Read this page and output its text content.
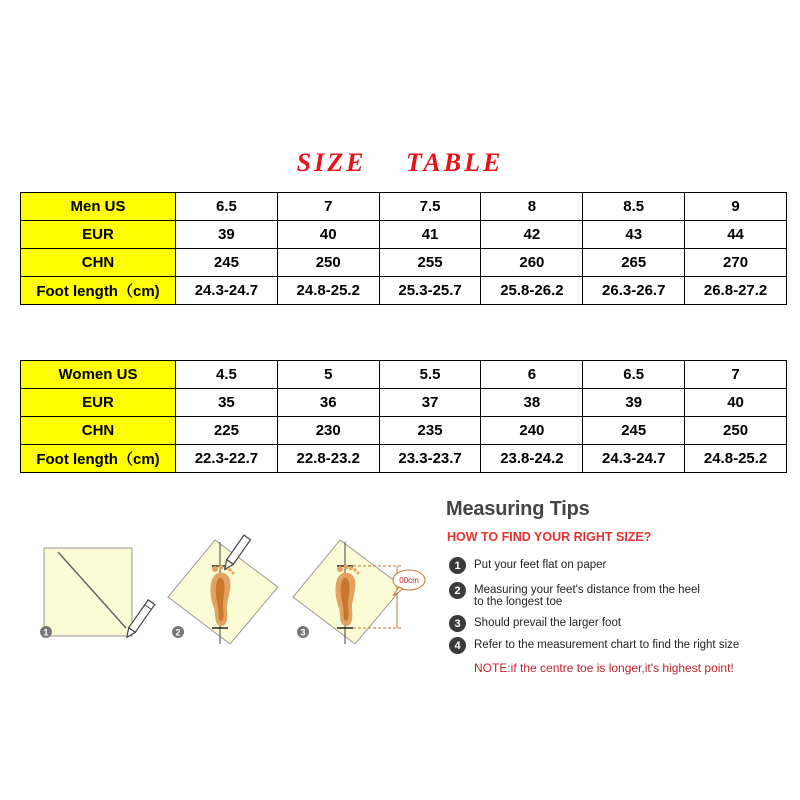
SIZE TABLE
Men US	6.5	7	7.5	8	8.5	9
EUR	39	40	41	42	43	44
CHN	245	250	255	260	265	270
Foot length（cm)	24.3-24.7	24.8-25.2	25.3-25.7	25.8-26.2	26.3-26.7	26.8-27.2
Women US	4.5	5	5.5	6	6.5	7
EUR	35	36	37	38	39	40
CHN	225	230	235	240	245	250
Foot length（cm)	22.3-22.7	22.8-23.2	23.3-23.7	23.8-24.2	24.3-24.7	24.8-25.2
1	2
00cm
3
Measuring Tips
HOW TO FIND YOUR RIGHT SIZE?
1	Put your feet flat on paper
2	Measuring your feet's distance from the heel
to the longest toe
3	Should prevail the larger foot
4	Refer to the measurement chart to find the right size
NOTE:if the centre toe is longer,it's highest point!
